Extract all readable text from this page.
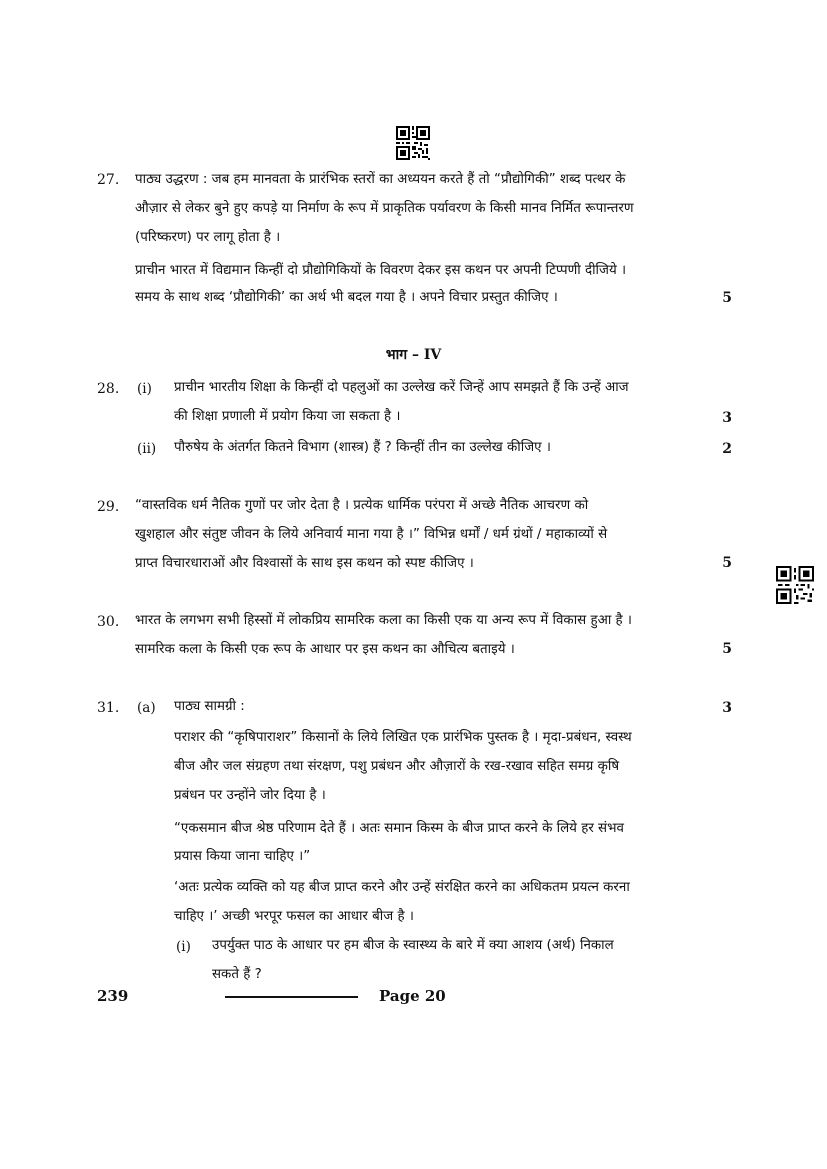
27. पाठ्य उद्धरण : जब हम मानवता के प्रारंभिक स्तरों का अध्ययन करते हैं तो “प्रौद्योगिकी” शब्द पत्थर के
औज़ार से लेकर बुने हुए कपड़े या निर्माण के रूप में प्राकृतिक पर्यावरण के किसी मानव निर्मित रूपान्तरण
(परिष्करण) पर लागू होता है ।
प्राचीन भारत में विद्यमान किन्हीं दो प्रौद्योगिकियों के विवरण देकर इस कथन पर अपनी टिप्पणी दीजिये ।
समय के साथ शब्द ‘प्रौद्योगिकी’ का अर्थ भी बदल गया है । अपने विचार प्रस्तुत कीजिए ।	5
भाग – IV
28. (i) प्राचीन भारतीय शिक्षा के किन्हीं दो पहलुओं का उल्लेख करें जिन्हें आप समझते हैं कि उन्हें आज
की शिक्षा प्रणाली में प्रयोग किया जा सकता है ।	3
(ii) पौरुषेय के अंतर्गत कितने विभाग (शास्त्र) हैं ? किन्हीं तीन का उल्लेख कीजिए ।	2
29. “वास्तविक धर्म नैतिक गुणों पर जोर देता है । प्रत्येक धार्मिक परंपरा में अच्छे नैतिक आचरण को
खुशहाल और संतुष्ट जीवन के लिये अनिवार्य माना गया है ।” विभिन्न धर्मों / धर्म ग्रंथों / महाकाव्यों से
प्राप्त विचारधाराओं और विश्वासों के साथ इस कथन को स्पष्ट कीजिए ।	5
30. भारत के लगभग सभी हिस्सों में लोकप्रिय सामरिक कला का किसी एक या अन्य रूप में विकास हुआ है ।
सामरिक कला के किसी एक रूप के आधार पर इस कथन का औचित्य बताइये ।	5
31. (a) पाठ्य सामग्री :	3
पराशर की “कृषिपाराशर” किसानों के लिये लिखित एक प्रारंभिक पुस्तक है । मृदा-प्रबंधन, स्वस्थ
बीज और जल संग्रहण तथा संरक्षण, पशु प्रबंधन और औज़ारों के रख-रखाव सहित समग्र कृषि
प्रबंधन पर उन्होंने जोर दिया है ।
“एकसमान बीज श्रेष्ठ परिणाम देते हैं । अतः समान किस्म के बीज प्राप्त करने के लिये हर संभव
प्रयास किया जाना चाहिए ।”
‘अतः प्रत्येक व्यक्ति को यह बीज प्राप्त करने और उन्हें संरक्षित करने का अधिकतम प्रयत्न करना
चाहिए ।’ अच्छी भरपूर फसल का आधार बीज है ।
(i) उपर्युक्त पाठ के आधार पर हम बीज के स्वास्थ्य के बारे में क्या आशय (अर्थ) निकाल
सकते हैं ?
239	Page 20
